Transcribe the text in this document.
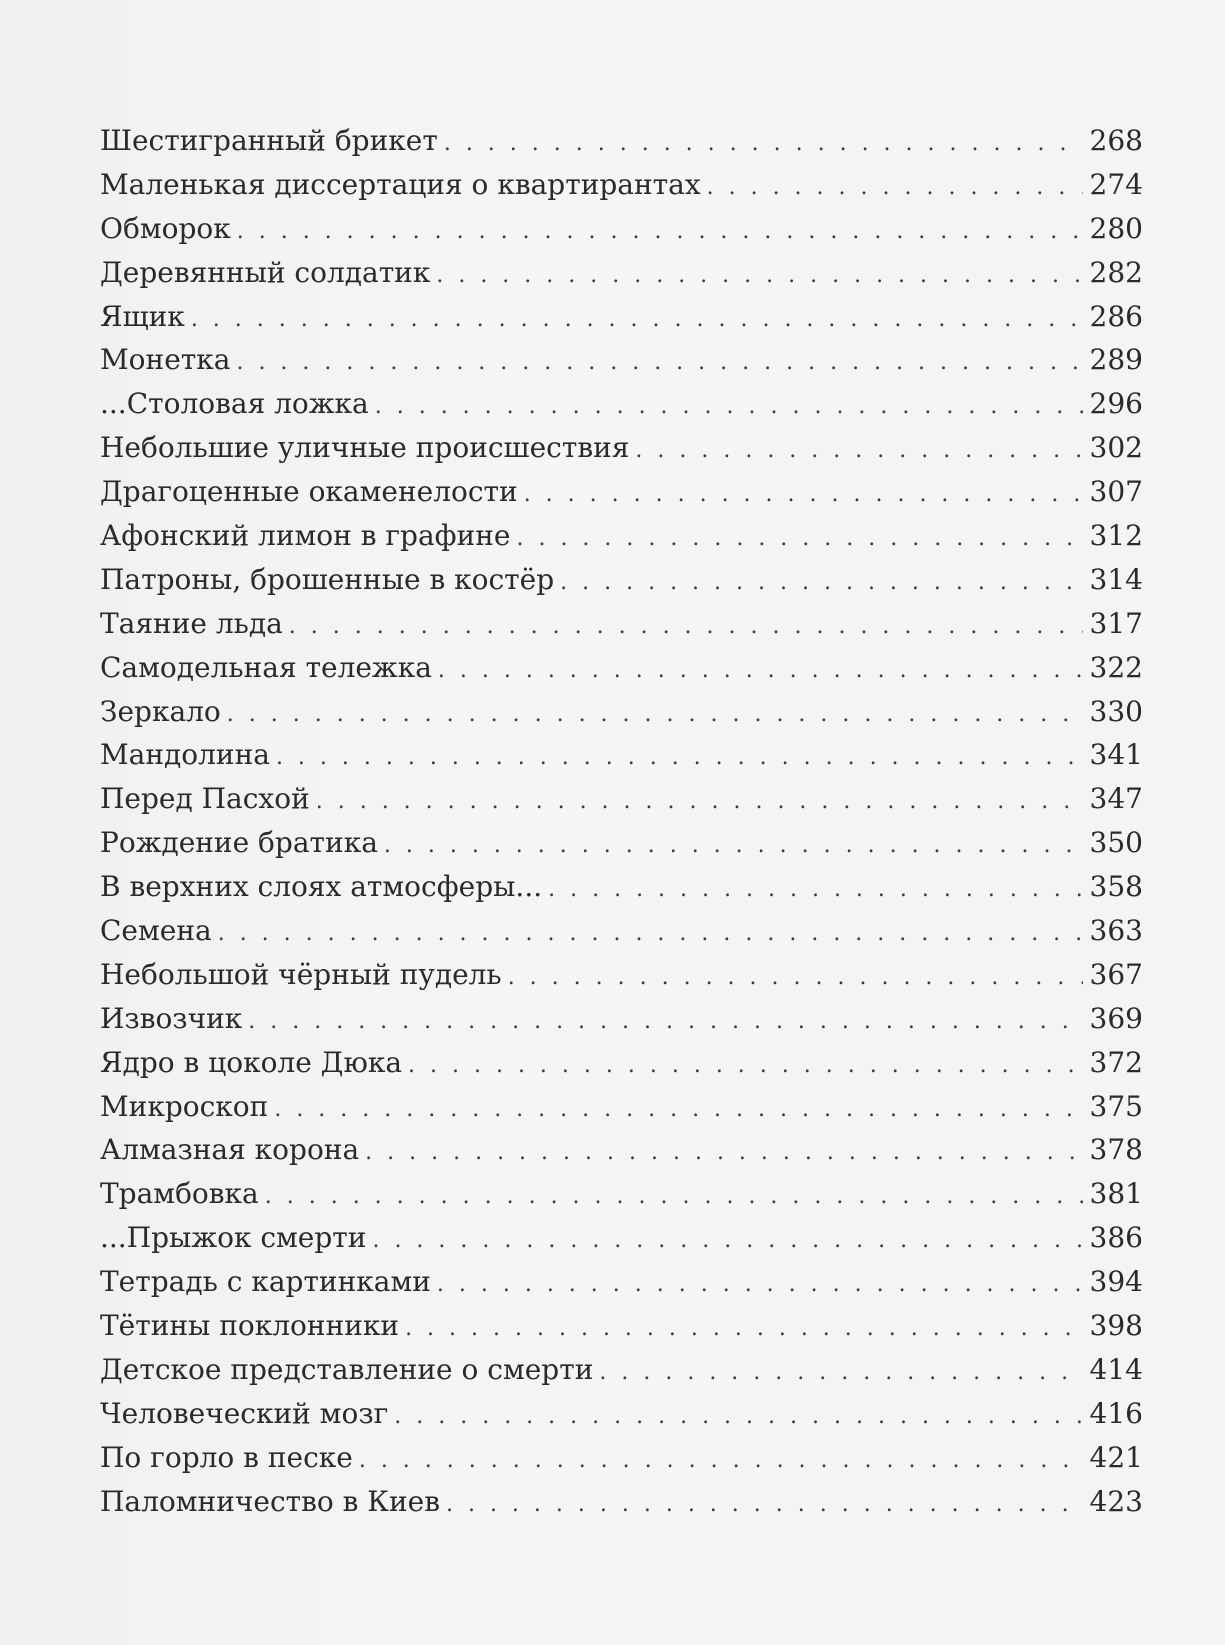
Шестигранный брикет . . .	268
Маленькая диссертация о квартирантах . . .	274
Обморок . . .	280
Деревянный солдатик . . .	282
Ящик . . .	286
Монетка . . .	289
...Столовая ложка . . .	296
Небольшие уличные происшествия . . .	302
Драгоценные окаменелости . . .	307
Афонский лимон в графине . . .	312
Патроны, брошенные в костёр . . .	314
Таяние льда . . .	317
Самодельная тележка . . .	322
Зеркало . . .	330
Мандолина . . .	341
Перед Пасхой . . .	347
Рождение братика . . .	350
В верхних слоях атмосферы... . . .	358
Семена . . .	363
Небольшой чёрный пудель . . .	367
Извозчик . . .	369
Ядро в цоколе Дюка . . .	372
Микроскоп . . .	375
Алмазная корона . . .	378
Трамбовка . . .	381
...Прыжок смерти . . .	386
Тетрадь с картинками . . .	394
Тётины поклонники . . .	398
Детское представление о смерти . . .	414
Человеческий мозг . . .	416
По горло в песке . . .	421
Паломничество в Киев . . .	423
